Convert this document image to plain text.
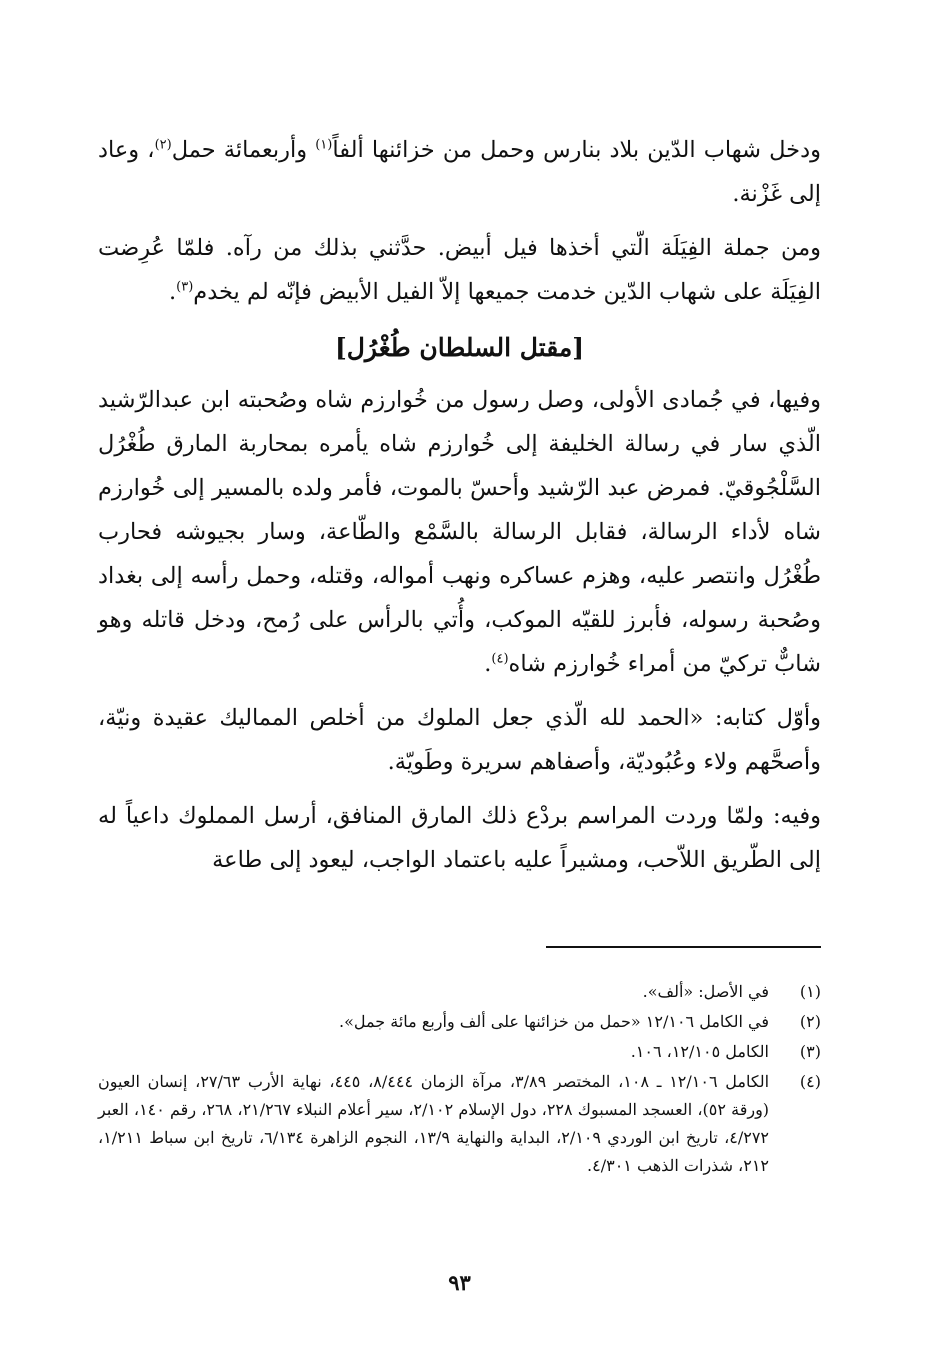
ودخل شهاب الدّين بلاد بنارس وحمل من خزائنها ألفاً$^{(١)}$ وأربعمائة حمل$^{(٢)}$، وعاد إلى غَزْنة.

ومن جملة الفِيَلَة الّتي أخذها فيل أبيض. حدَّثني بذلك من رآه. فلمّا عُرِضت الفِيَلَة على شهاب الدّين خدمت جميعها إلاّ الفيل الأبيض فإنّه لم يخدم$^{(٣)}$.

[مقتل السلطان طُغْرُل]

وفيها، في جُمادى الأولى، وصل رسول من خُوارزم شاه وصُحبته ابن عبدالرّشيد الّذي سار في رسالة الخليفة إلى خُوارزم شاه يأمره بمحاربة المارق طُغْرُل السَّلْجُوقيّ. فمرض عبد الرّشيد وأحسّ بالموت، فأمر ولده بالمسير إلى خُوارزم شاه لأداء الرسالة، فقابل الرسالة بالسَّمْع والطّاعة، وسار بجيوشه فحارب طُغْرُل وانتصر عليه، وهزم عساكره ونهب أمواله، وقتله، وحمل رأسه إلى بغداد وصُحبة رسوله، فأبرز للقيّه الموكب، وأُتي بالرأس على رُمح، ودخل قاتله وهو شابٌّ تركيّ من أمراء خُوارزم شاه$^{(٤)}$.

وأوّل كتابه: «الحمد لله الّذي جعل الملوك من أخلص المماليك عقيدة ونيّة، وأصحَّهم ولاء وعُبُوديّة، وأصفاهم سريرة وطَويّة.

وفيه: ولمّا وردت المراسم بردْع ذلك المارق المنافق، أرسل المملوك داعياً له إلى الطّريق اللاّحب، ومشيراً عليه باعتماد الواجب، ليعود إلى طاعة

(١)
في الأصل: «ألف».
(٢)
في الكامل ١٢/١٠٦ «حمل من خزائنها على ألف وأربع مائة جمل».
(٣)
الكامل ١٢/١٠٥، ١٠٦.
(٤)
الكامل ١٢/١٠٦ ـ ١٠٨، المختصر ٣/٨٩، مرآة الزمان ٨/٤٤٤، ٤٤٥، نهاية الأرب ٢٧/٦٣، إنسان العيون (ورقة ٥٢)، العسجد المسبوك ٢٢٨، دول الإسلام ٢/١٠٢، سير أعلام النبلاء ٢١/٢٦٧، ٢٦٨، رقم ١٤٠، العبر ٤/٢٧٢، تاريخ ابن الوردي ٢/١٠٩، البداية والنهاية ١٣/٩، النجوم الزاهرة ٦/١٣٤، تاريخ ابن سباط ١/٢١١، ٢١٢، شذرات الذهب ٤/٣٠١.
٩٣
